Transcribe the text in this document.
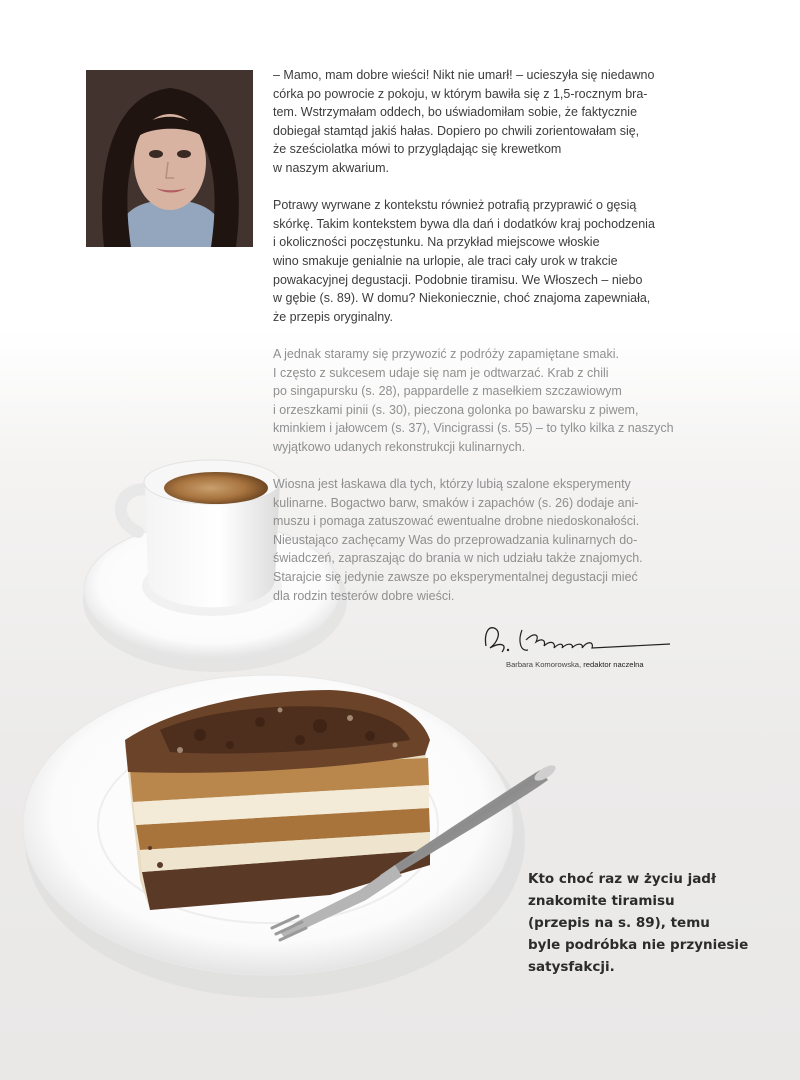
– Mamo, mam dobre wieści! Nikt nie umarł! – ucieszyła się niedawno
córka po powrocie z pokoju, w którym bawiła się z 1,5-rocznym bra-
tem. Wstrzymałam oddech, bo uświadomiłam sobie, że faktycznie
dobiegał stamtąd jakiś hałas. Dopiero po chwili zorientowałam się,
że sześciolatka mówi to przyglądając się krewetkom
w naszym akwarium.

Potrawy wyrwane z kontekstu również potrafią przyprawić o gęsią
skórkę. Takim kontekstem bywa dla dań i dodatków kraj pochodzenia
i okoliczności poczęstunku. Na przykład miejscowe włoskie
wino smakuje genialnie na urlopie, ale traci cały urok w trakcie
powakacyjnej degustacji. Podobnie tiramisu. We Włoszech – niebo
w gębie (s. 89). W domu? Niekoniecznie, choć znajoma zapewniała,
że przepis oryginalny.

A jednak staramy się przywozić z podróży zapamiętane smaki.
I często z sukcesem udaje się nam je odtwarzać. Krab z chili
po singapursku (s. 28), pappardelle z masełkiem szczawiowym
i orzeszkami pinii (s. 30), pieczona golonka po bawarsku z piwem,
kminkiem i jałowcem (s. 37), Vincigrassi (s. 55) – to tylko kilka z naszych
wyjątkowo udanych rekonstrukcji kulinarnych.

Wiosna jest łaskawa dla tych, którzy lubią szalone eksperymenty
kulinarne. Bogactwo barw, smaków i zapachów (s. 26) dodaje ani-
muszu i pomaga zatuszować ewentualne drobne niedoskonałości.
Nieustająco zachęcamy Was do przeprowadzania kulinarnych do-
świadczeń, zapraszając do brania w nich udziału także znajomych.
Starajcie się jedynie zawsze po eksperymentalnej degustacji mieć
dla rodzin testerów dobre wieści.

Barbara Komorowska, redaktor naczelna
Kto choć raz w życiu jadł
znakomite tiramisu
(przepis na s. 89), temu
byle podróbka nie przyniesie
satysfakcji.
